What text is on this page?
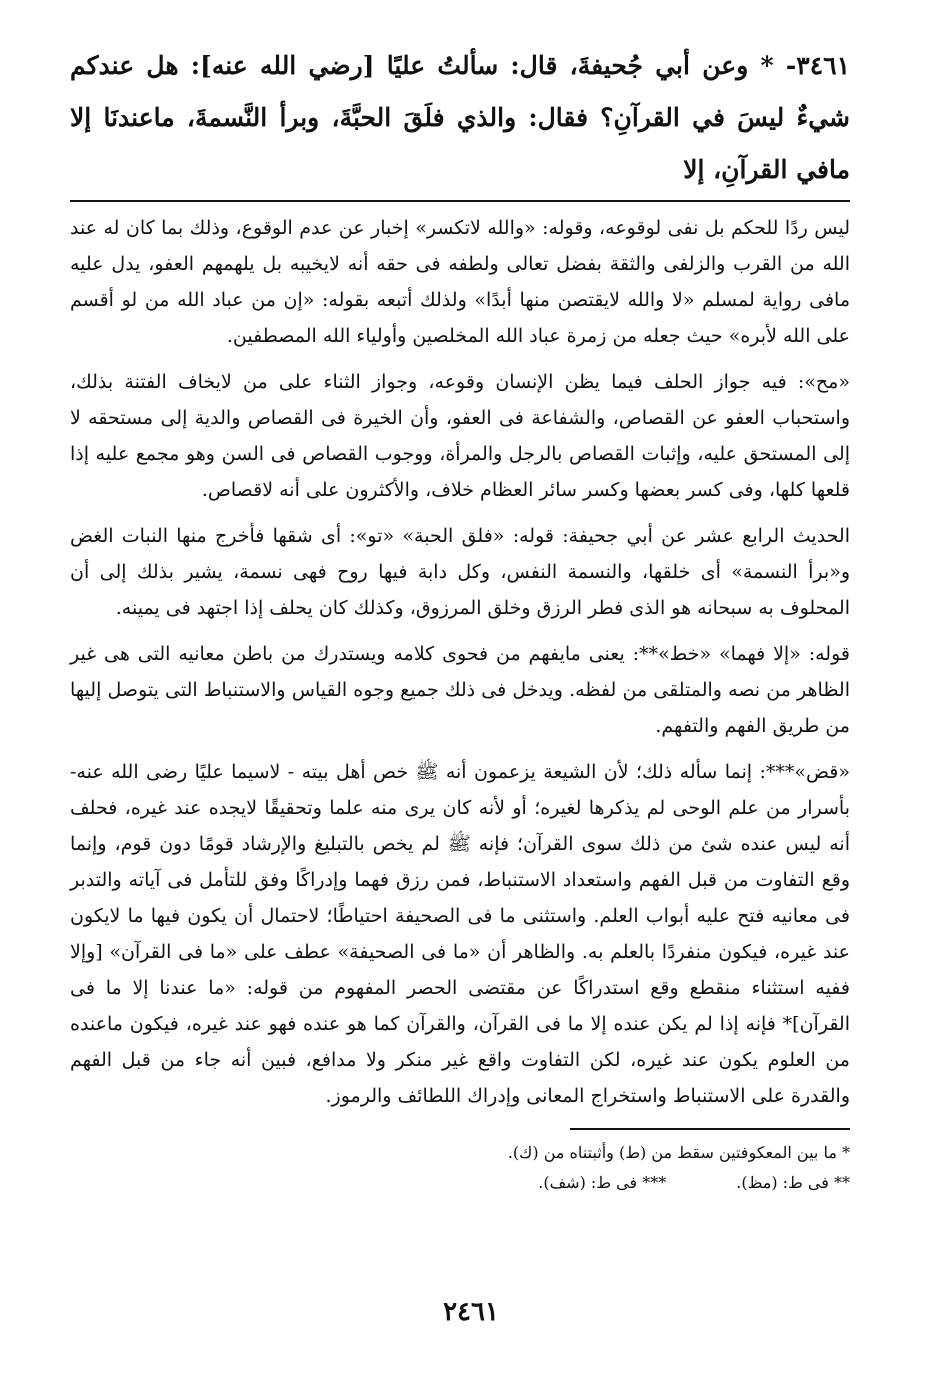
٣٤٦١- * وعن أبي جُحيفةَ، قال: سألتُ عليًا [رضي الله عنه]: هل عندكم شيءٌ ليسَ في القرآنِ؟ فقال: والذي فلَقَ الحبَّةَ، وبرأ النَّسمةَ، ماعندنَا إلا مافي القرآنِ، إلا

ليس ردًا للحكم بل نفى لوقوعه، وقوله: «والله لاتكسر» إخبار عن عدم الوقوع، وذلك بما كان له عند الله من القرب والزلفى والثقة بفضل تعالى ولطفه فى حقه أنه لايخيبه بل يلهمهم العفو، يدل عليه مافى رواية لمسلم «لا والله لايقتصن منها أبدًا» ولذلك أتبعه بقوله: «إن من عباد الله من لو أقسم على الله لأبره» حيث جعله من زمرة عباد الله المخلصين وأولياء الله المصطفين.

«مح»: فيه جواز الحلف فيما يظن الإنسان وقوعه، وجواز الثناء على من لايخاف الفتنة بذلك، واستحباب العفو عن القصاص، والشفاعة فى العفو، وأن الخيرة فى القصاص والدية إلى مستحقه لا إلى المستحق عليه، وإثبات القصاص بالرجل والمرأة، ووجوب القصاص فى السن وهو مجمع عليه إذا قلعها كلها، وفى كسر بعضها وكسر سائر العظام خلاف، والأكثرون على أنه لاقصاص.

الحديث الرابع عشر عن أبي جحيفة: قوله: «فلق الحبة» «تو»: أى شقها فأخرج منها النبات الغض و«برأ النسمة» أى خلقها، والنسمة النفس، وكل دابة فيها روح فهى نسمة، يشير بذلك إلى أن المحلوف به سبحانه هو الذى فطر الرزق وخلق المرزوق، وكذلك كان يحلف إذا اجتهد فى يمينه.

قوله: «إلا فهما» «خط»**: يعنى مايفهم من فحوى كلامه ويستدرك من باطن معانيه التى هى غير الظاهر من نصه والمتلقى من لفظه. ويدخل فى ذلك جميع وجوه القياس والاستنباط التى يتوصل إليها من طريق الفهم والتفهم.

«قض»***: إنما سأله ذلك؛ لأن الشيعة يزعمون أنه ﷺ خص أهل بيته - لاسيما عليًا رضى الله عنه- بأسرار من علم الوحى لم يذكرها لغيره؛ أو لأنه كان يرى منه علما وتحقيقًا لايجده عند غيره، فحلف أنه ليس عنده شئ من ذلك سوى القرآن؛ فإنه ﷺ لم يخص بالتبليغ والإرشاد قومًا دون قوم، وإنما وقع التفاوت من قبل الفهم واستعداد الاستنباط، فمن رزق فهما وإدراكًا وفق للتأمل فى آياته والتدبر فى معانيه فتح عليه أبواب العلم. واستثنى ما فى الصحيفة احتياطًا؛ لاحتمال أن يكون فيها ما لايكون عند غيره، فيكون منفردًا بالعلم به. والظاهر أن «ما فى الصحيفة» عطف على «ما فى القرآن» [وإلا ففيه استثناء منقطع وقع استدراكًا عن مقتضى الحصر المفهوم من قوله: «ما عندنا إلا ما فى القرآن]* فإنه إذا لم يكن عنده إلا ما فى القرآن، والقرآن كما هو عنده فهو عند غيره، فيكون ماعنده من العلوم يكون عند غيره، لكن التفاوت واقع غير منكر ولا مدافع، فبين أنه جاء من قبل الفهم والقدرة على الاستنباط واستخراج المعانى وإدراك اللطائف والرموز.

* ما بين المعكوفتين سقط من (ط) وأثبتناه من (ك).

** فى ط: (مظ).
*** فى ط: (شف).
٢٤٦١
